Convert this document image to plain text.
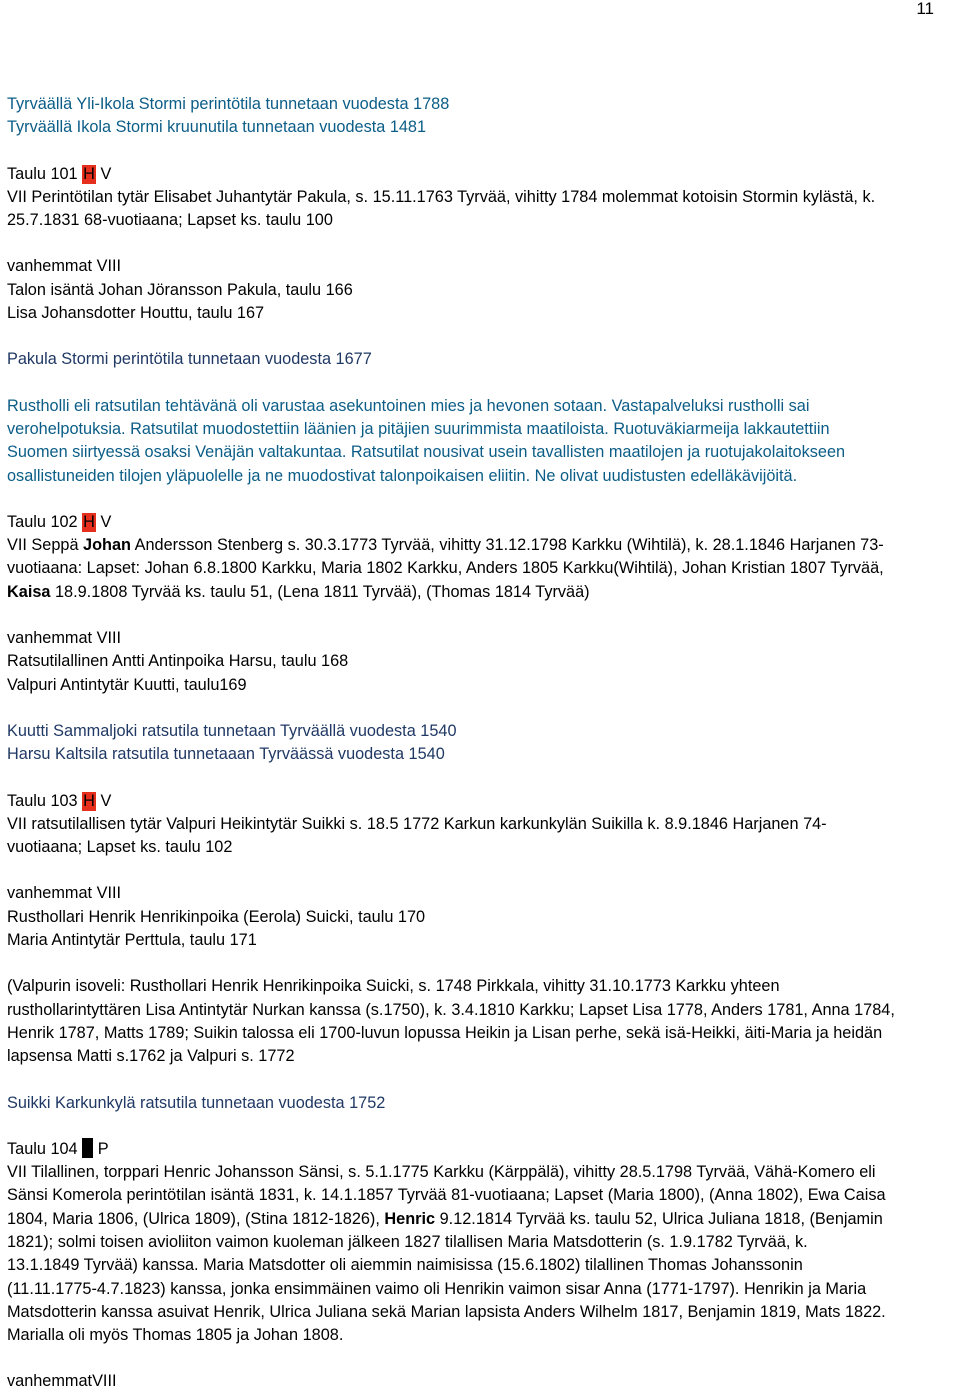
11
Tyrväällä Yli-Ikola Stormi perintötila tunnetaan vuodesta 1788
Tyrväällä Ikola Stormi kruunutila tunnetaan vuodesta 1481
Taulu 101 H V
VII Perintötilan tytär Elisabet Juhantytär Pakula, s. 15.11.1763 Tyrvää, vihitty 1784 molemmat kotoisin Stormin kylästä, k.
25.7.1831 68-vuotiaana; Lapset ks. taulu 100
vanhemmat VIII
Talon isäntä Johan Jöransson Pakula, taulu 166
Lisa Johansdotter Houttu, taulu 167
Pakula Stormi perintötila tunnetaan vuodesta 1677
Rustholli eli ratsutilan tehtävänä oli varustaa asekuntoinen mies ja hevonen sotaan. Vastapalveluksi rustholli sai
verohelpotuksia. Ratsutilat muodostettiin läänien ja pitäjien suurimmista maatiloista. Ruotuväkiarmeija lakkautettiin
Suomen siirtyessä osaksi Venäjän valtakuntaa. Ratsutilat nousivat usein tavallisten maatilojen ja ruotujakolaitokseen
osallistuneiden tilojen yläpuolelle ja ne muodostivat talonpoikaisen eliitin. Ne olivat uudistusten edelläkävijöitä.
Taulu 102 H V
VII Seppä Johan Andersson Stenberg s. 30.3.1773 Tyrvää, vihitty 31.12.1798 Karkku (Wihtilä), k. 28.1.1846 Harjanen 73-
vuotiaana: Lapset: Johan 6.8.1800 Karkku, Maria 1802 Karkku, Anders 1805 Karkku(Wihtilä), Johan Kristian 1807 Tyrvää,
Kaisa 18.9.1808 Tyrvää ks. taulu 51, (Lena 1811 Tyrvää), (Thomas 1814 Tyrvää)
vanhemmat VIII
Ratsutilallinen Antti Antinpoika Harsu, taulu 168
Valpuri Antintytär Kuutti, taulu169
Kuutti Sammaljoki ratsutila tunnetaan Tyrväällä vuodesta 1540
Harsu Kaltsila ratsutila tunnetaaan Tyrväässä vuodesta 1540
Taulu 103 H V
VII ratsutilallisen tytär Valpuri Heikintytär Suikki s. 18.5 1772 Karkun karkunkylän Suikilla k. 8.9.1846 Harjanen 74-
vuotiaana; Lapset ks. taulu 102
vanhemmat VIII
Rusthollari Henrik Henrikinpoika (Eerola) Suicki, taulu 170
Maria Antintytär Perttula, taulu 171
(Valpurin isoveli: Rusthollari Henrik Henrikinpoika Suicki, s. 1748 Pirkkala, vihitty 31.10.1773 Karkku yhteen
rusthollarintyttären Lisa Antintytär Nurkan kanssa (s.1750), k. 3.4.1810 Karkku; Lapset Lisa 1778, Anders 1781, Anna 1784,
Henrik 1787, Matts 1789; Suikin talossa eli 1700-luvun lopussa Heikin ja Lisan perhe, sekä isä-Heikki, äiti-Maria ja heidän
lapsensa Matti s.1762 ja Valpuri s. 1772
Suikki Karkunkylä ratsutila tunnetaan vuodesta 1752
Taulu 104 P
VII Tilallinen, torppari Henric Johansson Sänsi, s. 5.1.1775 Karkku (Kärppälä), vihitty 28.5.1798 Tyrvää, Vähä-Komero eli
Sänsi Komerola perintötilan isäntä 1831, k. 14.1.1857 Tyrvää 81-vuotiaana; Lapset (Maria 1800), (Anna 1802), Ewa Caisa
1804, Maria 1806, (Ulrica 1809), (Stina 1812-1826), Henric 9.12.1814 Tyrvää ks. taulu 52, Ulrica Juliana 1818, (Benjamin
1821); solmi toisen avioliiton vaimon kuoleman jälkeen 1827 tilallisen Maria Matsdotterin (s. 1.9.1782 Tyrvää, k.
13.1.1849 Tyrvää) kanssa. Maria Matsdotter oli aiemmin naimisissa (15.6.1802) tilallinen Thomas Johanssonin
(11.11.1775-4.7.1823) kanssa, jonka ensimmäinen vaimo oli Henrikin vaimon sisar Anna (1771-1797). Henrikin ja Maria
Matsdotterin kanssa asuivat Henrik, Ulrica Juliana sekä Marian lapsista Anders Wilhelm 1817, Benjamin 1819, Mats 1822.
Marialla oli myös Thomas 1805 ja Johan 1808.
vanhemmatVIII
